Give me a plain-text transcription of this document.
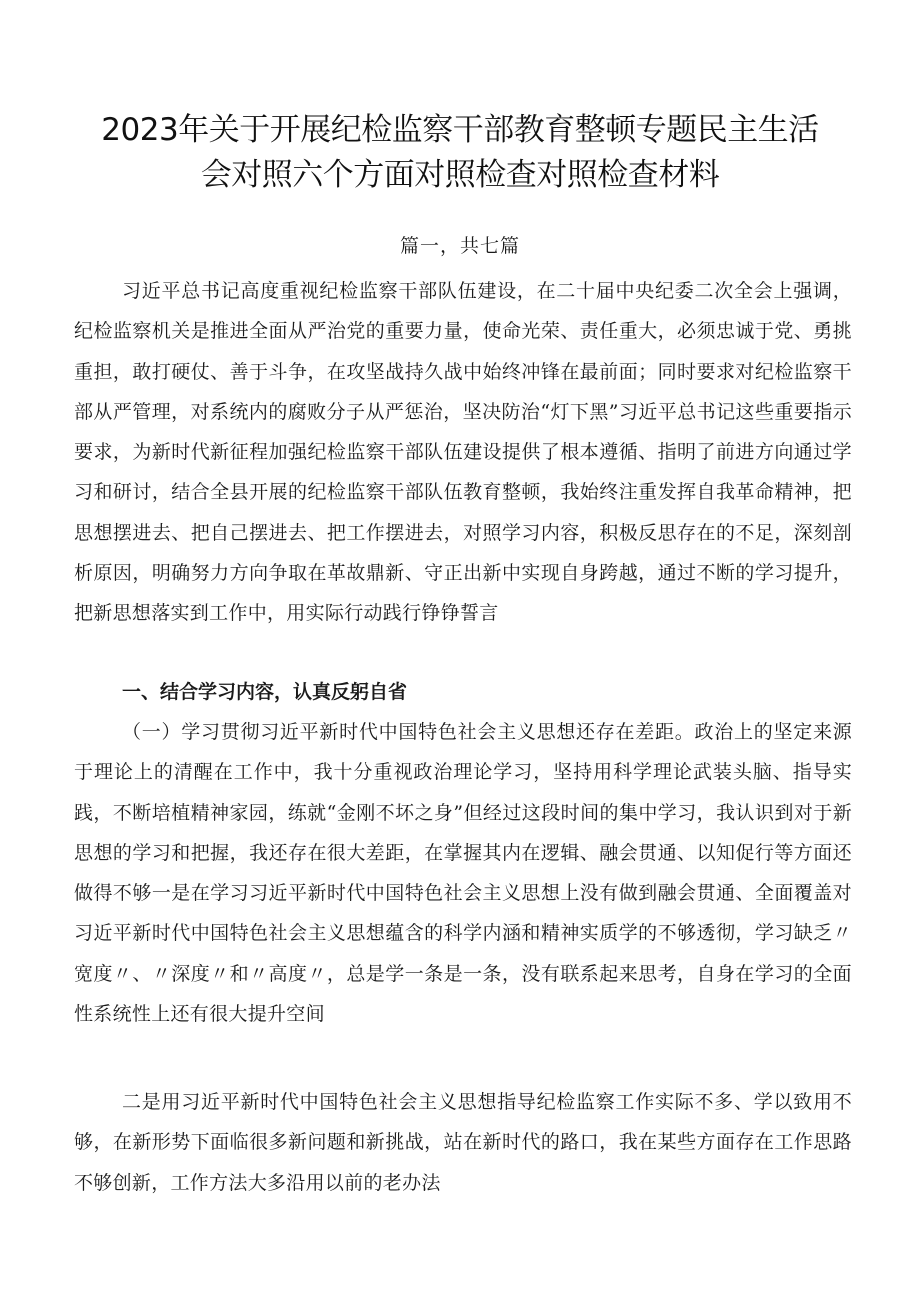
2023年关于开展纪检监察干部教育整顿专题民主生活
会对照六个方面对照检查对照检查材料
篇一，共七篇

习近平总书记高度重视纪检监察干部队伍建设，在二十届中央纪委二次全会上强调，纪检监察机关是推进全面从严治党的重要力量，使命光荣、责任重大，必须忠诚于党、勇挑重担，敢打硬仗、善于斗争，在攻坚战持久战中始终冲锋在最前面；同时要求对纪检监察干部从严管理，对系统内的腐败分子从严惩治，坚决防治“灯下黑”习近平总书记这些重要指示要求，为新时代新征程加强纪检监察干部队伍建设提供了根本遵循、指明了前进方向通过学习和研讨，结合全县开展的纪检监察干部队伍教育整顿，我始终注重发挥自我革命精神，把思想摆进去、把自己摆进去、把工作摆进去，对照学习内容，积极反思存在的不足，深刻剖析原因，明确努力方向争取在革故鼎新、守正出新中实现自身跨越，通过不断的学习提升，把新思想落实到工作中，用实际行动践行铮铮誓言

一、结合学习内容，认真反躬自省

（一）学习贯彻习近平新时代中国特色社会主义思想还存在差距。政治上的坚定来源于理论上的清醒在工作中，我十分重视政治理论学习，坚持用科学理论武装头脑、指导实践，不断培植精神家园，练就“金刚不坏之身”但经过这段时间的集中学习，我认识到对于新思想的学习和把握，我还存在很大差距，在掌握其内在逻辑、融会贯通、以知促行等方面还做得不够一是在学习习近平新时代中国特色社会主义思想上没有做到融会贯通、全面覆盖对习近平新时代中国特色社会主义思想蕴含的科学内涵和精神实质学的不够透彻，学习缺乏〃宽度〃、〃深度〃和〃高度〃，总是学一条是一条，没有联系起来思考，自身在学习的全面性系统性上还有很大提升空间

二是用习近平新时代中国特色社会主义思想指导纪检监察工作实际不多、学以致用不够，在新形势下面临很多新问题和新挑战，站在新时代的路口，我在某些方面存在工作思路不够创新，工作方法大多沿用以前的老办法
